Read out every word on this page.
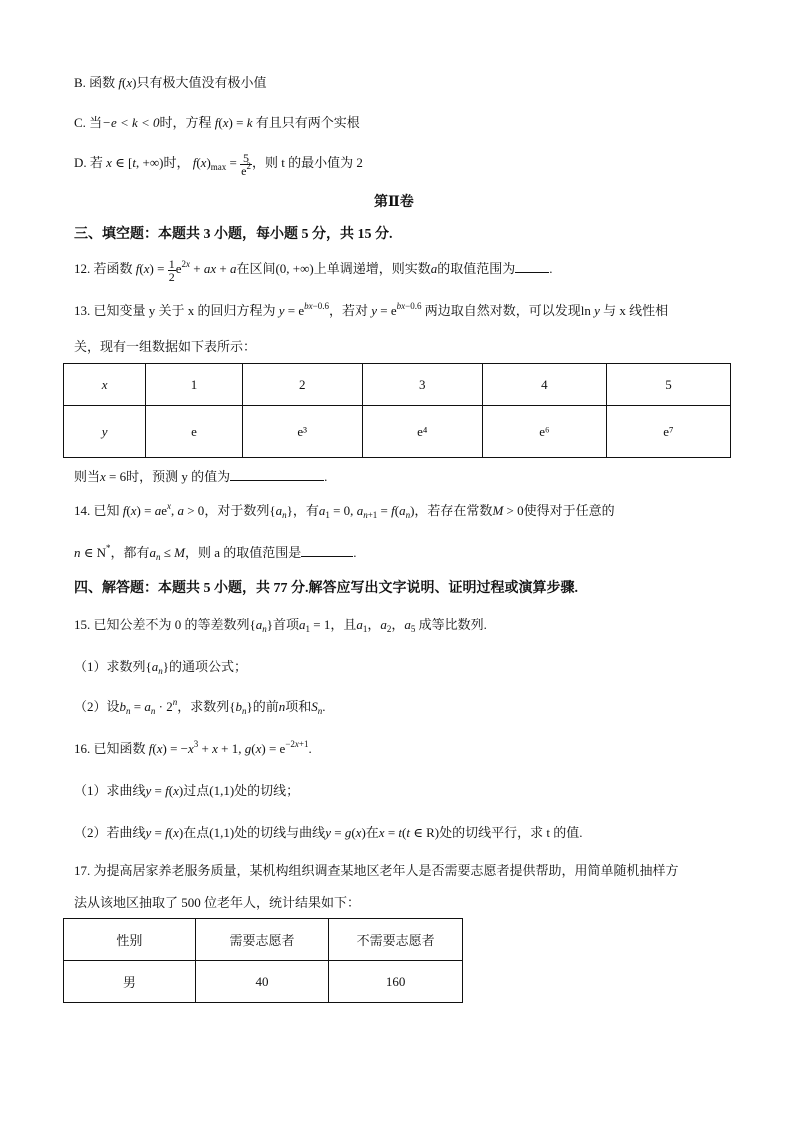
B. 函数 f(x)只有极大值没有极小值
C. 当−e < k < 0时，方程 f(x) = k 有且只有两个实根
D. 若 x ∈ [t, +∞)时， $f(x)_{max} = \frac{5}{e^2}$ ，则 t 的最小值为 2
第Ⅱ卷
三、填空题：本题共 3 小题，每小题 5 分，共 15 分.
12. 若函数 $f(x) = \frac{1}{2} e^{2x}$ + ax + a在区间(0, +∞)上单调递增，则实数a的取值范围为	.
13. 已知变量 y 关于 x 的回归方程为 $y = e^{bx-0.6}$，若对 $y = e^{bx-0.6}$ 两边取自然对数，可以发现ln y 与 x 线性相
关，现有一组数据如下表所示：
x	1	2	3	4	5
y	e	e³	e⁴	e⁶	e⁷
则当x = 6时，预测 y 的值为	.
14. 已知 $f(x) = ae^x$, a > 0，对于数列$\{a_n\}$，有$a_1 = 0$, $a_{n+1} = f(a_n)$，若存在常数M > 0使得对于任意的
n ∈ N*，都有$a_n \le M$，则 a 的取值范围是	.
四、解答题：本题共 5 小题，共 77 分.解答应写出文字说明、证明过程或演算步骤.
15. 已知公差不为 0 的等差数列$\{a_n\}$首项$a_1 = 1$，且$a_1$，$a_2$，$a_5$ 成等比数列.
（1）求数列$\{a_n\}$的通项公式；
（2）设$b_n = a_n \cdot 2^n$，求数列$\{b_n\}$的前n项和$S_n$.
16. 已知函数 $f(x) = -x^3 + x + 1$, $g(x) = e^{-2x+1}$.
（1）求曲线y = f(x)过点(1,1)处的切线；
（2）若曲线y = f(x)在点(1,1)处的切线与曲线y = g(x)在x = t(t ∈ R)处的切线平行，求 t 的值.
17. 为提高居家养老服务质量，某机构组织调查某地区老年人是否需要志愿者提供帮助，用简单随机抽样方
法从该地区抽取了 500 位老年人，统计结果如下：
性别	需要志愿者	不需要志愿者
男	40	160
